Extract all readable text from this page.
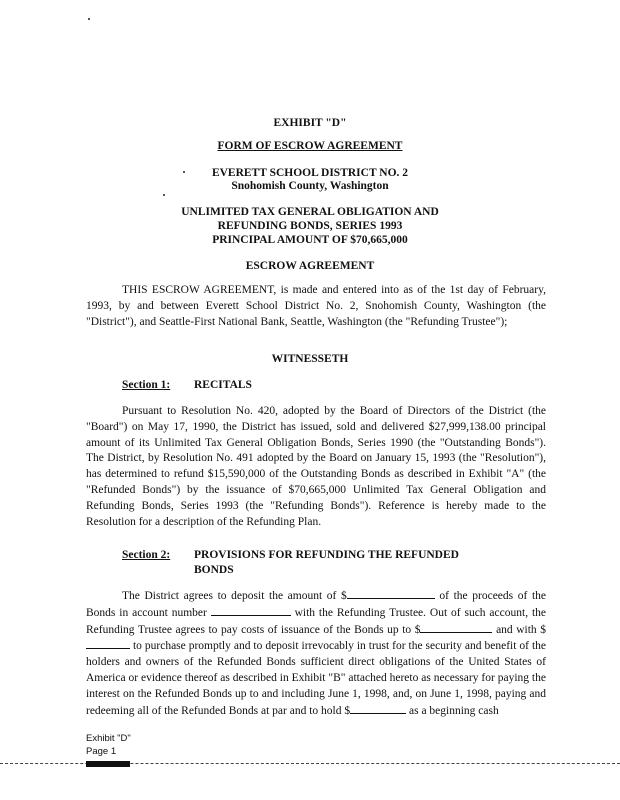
EXHIBIT "D"
FORM OF ESCROW AGREEMENT
EVERETT SCHOOL DISTRICT NO. 2
Snohomish County, Washington
UNLIMITED TAX GENERAL OBLIGATION AND
REFUNDING BONDS, SERIES 1993
PRINCIPAL AMOUNT OF $70,665,000
ESCROW AGREEMENT

THIS ESCROW AGREEMENT, is made and entered into as of the 1st day of February, 1993, by and between Everett School District No. 2, Snohomish County, Washington (the "District"), and Seattle-First National Bank, Seattle, Washington (the "Refunding Trustee");

WITNESSETH
Section 1: RECITALS

Pursuant to Resolution No. 420, adopted by the Board of Directors of the District (the "Board") on May 17, 1990, the District has issued, sold and delivered $27,999,138.00 principal amount of its Unlimited Tax General Obligation Bonds, Series 1990 (the "Outstanding Bonds"). The District, by Resolution No. 491 adopted by the Board on January 15, 1993 (the "Resolution"), has determined to refund $15,590,000 of the Outstanding Bonds as described in Exhibit "A" (the "Refunded Bonds") by the issuance of $70,665,000 Unlimited Tax General Obligation and Refunding Bonds, Series 1993 (the "Refunding Bonds"). Reference is hereby made to the Resolution for a description of the Refunding Plan.

Section 2: PROVISIONS FOR REFUNDING THE REFUNDED
BONDS

The District agrees to deposit the amount of $	of the proceeds of the Bonds in account number	with the Refunding Trustee. Out of such account, the Refunding Trustee agrees to pay costs of issuance of the Bonds up to $	and with $ to purchase promptly and to deposit irrevocably in trust for the security and benefit of the holders and owners of the Refunded Bonds sufficient direct obligations of the United States of America or evidence thereof as described in Exhibit "B" attached hereto as necessary for paying the interest on the Refunded Bonds up to and including June 1, 1998, and, on June 1, 1998, paying and redeeming all of the Refunded Bonds at par and to hold $	as a beginning cash

Exhibit "D"
Page 1
